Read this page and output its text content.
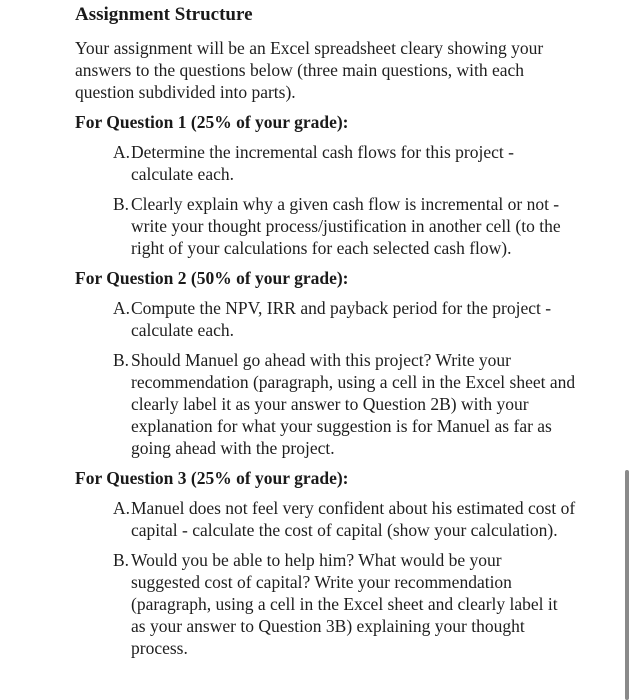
Assignment Structure

Your assignment will be an Excel spreadsheet cleary showing your answers to the questions below (three main questions, with each question subdivided into parts).

For Question 1 (25% of your grade):
A. Determine the incremental cash flows for this project - calculate each.
B. Clearly explain why a given cash flow is incremental or not - write your thought process/justification in another cell (to the right of your calculations for each selected cash flow).
For Question 2 (50% of your grade):
A. Compute the NPV, IRR and payback period for the project - calculate each.
B. Should Manuel go ahead with this project? Write your recommendation (paragraph, using a cell in the Excel sheet and clearly label it as your answer to Question 2B) with your explanation for what your suggestion is for Manuel as far as going ahead with the project.
For Question 3 (25% of your grade):
A. Manuel does not feel very confident about his estimated cost of capital - calculate the cost of capital (show your calculation).
B. Would you be able to help him? What would be your suggested cost of capital? Write your recommendation (paragraph, using a cell in the Excel sheet and clearly label it as your answer to Question 3B) explaining your thought process.
